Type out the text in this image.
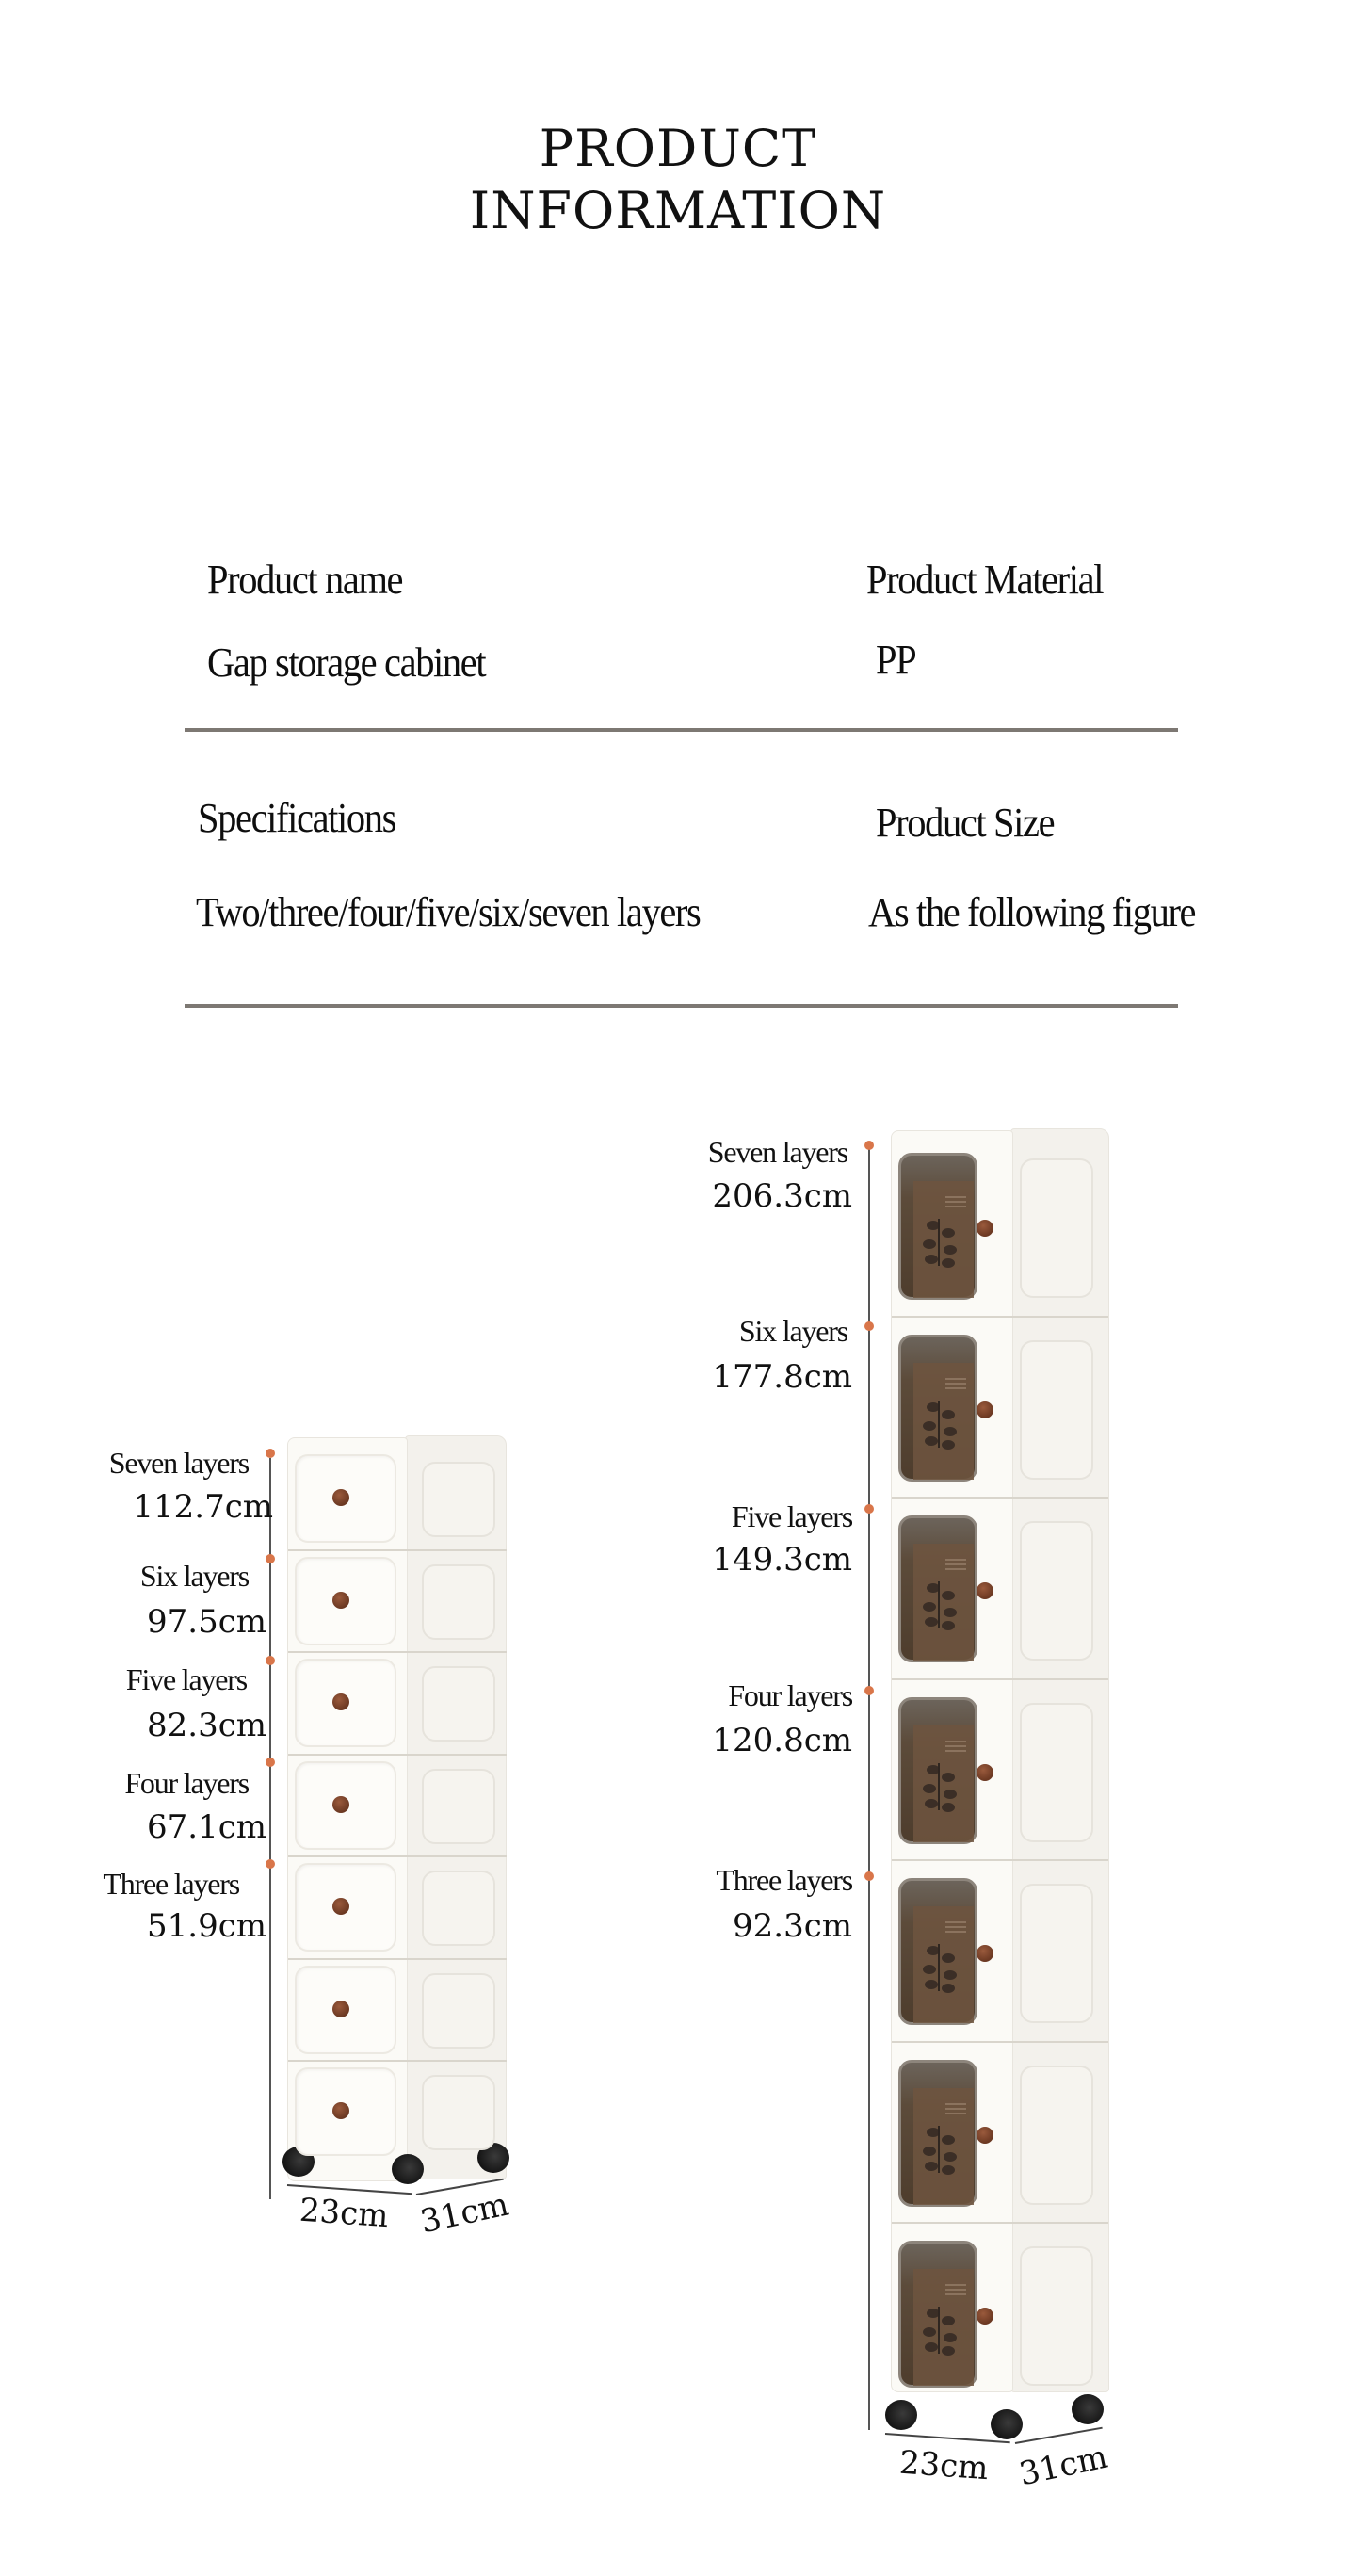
PRODUCT
INFORMATION
Product name	Product Material
Gap storage cabinet	PP
Specifications	Product Size
Two/three/four/five/six/seven layers	As the following figure
Seven layers
112.7cm
Six layers
97.5cm
Five layers
82.3cm
Four layers
67.1cm
Three layers
51.9cm
23cm 31cm
Seven layers
206.3cm
Six layers
177.8cm
Five layers
149.3cm
Four layers
120.8cm
Three layers
92.3cm
23cm 31cm
